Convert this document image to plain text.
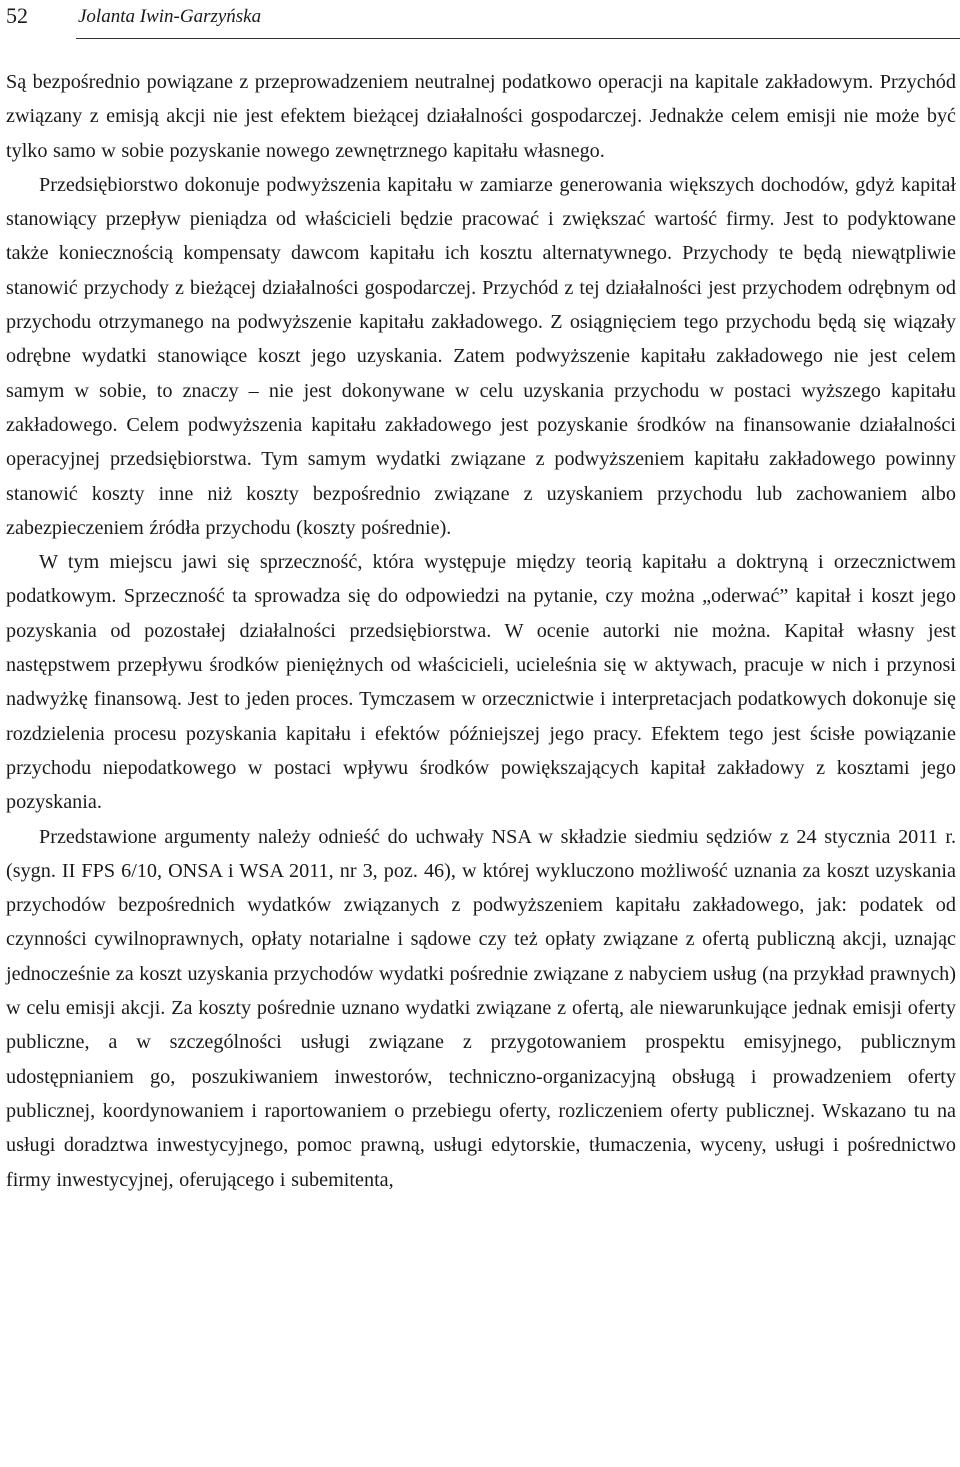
52	Jolanta Iwin-Garzyńska

Są bezpośrednio powiązane z przeprowadzeniem neutralnej podatkowo operacji na kapitale zakładowym. Przychód związany z emisją akcji nie jest efektem bieżącej działalności gospodarczej. Jednakże celem emisji nie może być tylko samo w sobie pozyskanie nowego zewnętrznego kapitału własnego.

Przedsiębiorstwo dokonuje podwyższenia kapitału w zamiarze generowania większych dochodów, gdyż kapitał stanowiący przepływ pieniądza od właścicieli będzie pracować i zwiększać wartość firmy. Jest to podyktowane także koniecznością kompensaty dawcom kapitału ich kosztu alternatywnego. Przychody te będą niewątpliwie stanowić przychody z bieżącej działalności gospodarczej. Przychód z tej działalności jest przychodem odrębnym od przychodu otrzymanego na podwyższenie kapitału zakładowego. Z osiągnięciem tego przychodu będą się wiązały odrębne wydatki stanowiące koszt jego uzyskania. Zatem podwyższenie kapitału zakładowego nie jest celem samym w sobie, to znaczy – nie jest dokonywane w celu uzyskania przychodu w postaci wyższego kapitału zakładowego. Celem podwyższenia kapitału zakładowego jest pozyskanie środków na finansowanie działalności operacyjnej przedsiębiorstwa. Tym samym wydatki związane z podwyższeniem kapitału zakładowego powinny stanowić koszty inne niż koszty bezpośrednio związane z uzyskaniem przychodu lub zachowaniem albo zabezpieczeniem źródła przychodu (koszty pośrednie).

W tym miejscu jawi się sprzeczność, która występuje między teorią kapitału a doktryną i orzecznictwem podatkowym. Sprzeczność ta sprowadza się do odpowiedzi na pytanie, czy można „oderwać” kapitał i koszt jego pozyskania od pozostałej działalności przedsiębiorstwa. W ocenie autorki nie można. Kapitał własny jest następstwem przepływu środków pieniężnych od właścicieli, ucieleśnia się w aktywach, pracuje w nich i przynosi nadwyżkę finansową. Jest to jeden proces. Tymczasem w orzecznictwie i interpretacjach podatkowych dokonuje się rozdzielenia procesu pozyskania kapitału i efektów późniejszej jego pracy. Efektem tego jest ścisłe powiązanie przychodu niepodatkowego w postaci wpływu środków powiększających kapitał zakładowy z kosztami jego pozyskania.

Przedstawione argumenty należy odnieść do uchwały NSA w składzie siedmiu sędziów z 24 stycznia 2011 r. (sygn. II FPS 6/10, ONSA i WSA 2011, nr 3, poz. 46), w której wykluczono możliwość uznania za koszt uzyskania przychodów bezpośrednich wydatków związanych z podwyższeniem kapitału zakładowego, jak: podatek od czynności cywilnoprawnych, opłaty notarialne i sądowe czy też opłaty związane z ofertą publiczną akcji, uznając jednocześnie za koszt uzyskania przychodów wydatki pośrednie związane z nabyciem usług (na przykład prawnych) w celu emisji akcji. Za koszty pośrednie uznano wydatki związane z ofertą, ale niewarunkujące jednak emisji oferty publiczne, a w szczególności usługi związane z przygotowaniem prospektu emisyjnego, publicznym udostępnianiem go, poszukiwaniem inwestorów, techniczno-organizacyjną obsługą i prowadzeniem oferty publicznej, koordynowaniem i raportowaniem o przebiegu oferty, rozliczeniem oferty publicznej. Wskazano tu na usługi doradztwa inwestycyjnego, pomoc prawną, usługi edytorskie, tłumaczenia, wyceny, usługi i pośrednictwo firmy inwestycyjnej, oferującego i subemitenta,
